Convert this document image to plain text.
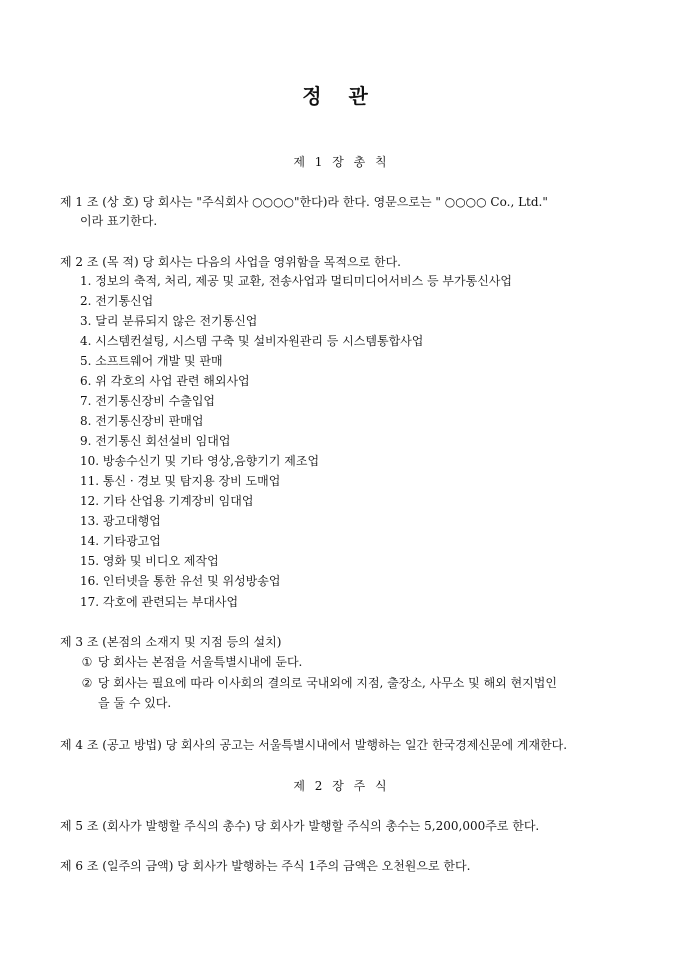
정 관
제 1 장 총 칙
제 1 조 (상 호) 당 회사는 "주식회사 ○○○○"한다)라 한다. 영문으로는 " ○○○○ Co., Ltd."
이라 표기한다.
제 2 조 (목 적) 당 회사는 다음의 사업을 영위함을 목적으로 한다.
1. 정보의 축적, 처리, 제공 및 교환, 전송사업과 멀티미디어서비스 등 부가통신사업
2. 전기통신업
3. 달리 분류되지 않은 전기통신업
4. 시스템컨설팅, 시스템 구축 및 설비자원관리 등 시스템통합사업
5. 소프트웨어 개발 및 판매
6. 위 각호의 사업 관련 해외사업
7. 전기통신장비 수출입업
8. 전기통신장비 판매업
9. 전기통신 회선설비 임대업
10. 방송수신기 및 기타 영상,음향기기 제조업
11. 통신 · 경보 및 탐지용 장비 도매업
12. 기타 산업용 기계장비 임대업
13. 광고대행업
14. 기타광고업
15. 영화 및 비디오 제작업
16. 인터넷을 통한 유선 및 위성방송업
17. 각호에 관련되는 부대사업
제 3 조 (본점의 소재지 및 지점 등의 설치)
① 당 회사는 본점을 서울특별시내에 둔다.
② 당 회사는 필요에 따라 이사회의 결의로 국내외에 지점, 출장소, 사무소 및 해외 현지법인
을 둘 수 있다.
제 4 조 (공고 방법) 당 회사의 공고는 서울특별시내에서 발행하는 일간 한국경제신문에 게재한다.
제 2 장 주 식
제 5 조 (회사가 발행할 주식의 총수) 당 회사가 발행할 주식의 총수는 5,200,000주로 한다.
제 6 조 (일주의 금액) 당 회사가 발행하는 주식 1주의 금액은 오천원으로 한다.
